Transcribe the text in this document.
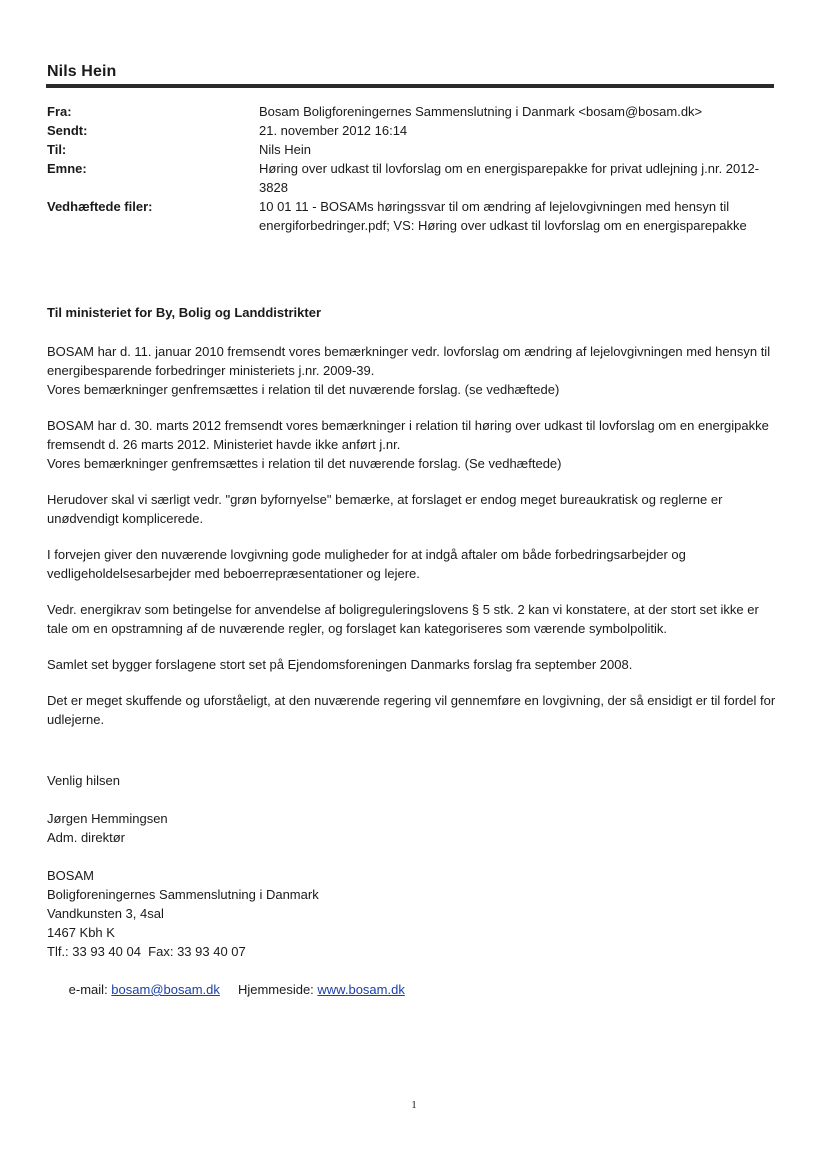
Nils Hein
Fra:	Bosam Boligforeningernes Sammenslutning i Danmark <bosam@bosam.dk>
Sendt:	21. november 2012 16:14
Til:	Nils Hein
Emne:	Høring over udkast til lovforslag om en energisparepakke for privat udlejning j.nr. 2012-3828
Vedhæftede filer:	10 01 11 - BOSAMs høringssvar til om ændring af lejelovgivningen med hensyn til energiforbedringer.pdf; VS: Høring over udkast til lovforslag om en energisparepakke

Til ministeriet for By, Bolig og Landdistrikter

BOSAM har d. 11. januar 2010 fremsendt vores bemærkninger vedr. lovforslag om ændring af lejelovgivningen med hensyn til energibesparende forbedringer ministeriets j.nr. 2009-39.
Vores bemærkninger genfremsættes i relation til det nuværende forslag. (se vedhæftede)

BOSAM har d. 30. marts 2012 fremsendt vores bemærkninger i relation til høring over udkast til lovforslag om en energipakke fremsendt d. 26 marts 2012. Ministeriet havde ikke anført j.nr.
Vores bemærkninger genfremsættes i relation til det nuværende forslag. (Se vedhæftede)

Herudover skal vi særligt vedr. "grøn byfornyelse" bemærke, at forslaget er endog meget bureaukratisk og reglerne er unødvendigt komplicerede.

I forvejen giver den nuværende lovgivning gode muligheder for at indgå aftaler om både forbedringsarbejder og vedligeholdelsesarbejder med beboerrepræsentationer og lejere.

Vedr. energikrav som betingelse for anvendelse af boligreguleringslovens § 5 stk. 2 kan vi konstatere, at der stort set ikke er tale om en opstramning af de nuværende regler, og forslaget kan kategoriseres som værende symbolpolitik.

Samlet set bygger forslagene stort set på Ejendomsforeningen Danmarks forslag fra september 2008.

Det er meget skuffende og uforståeligt, at den nuværende regering vil gennemføre en lovgivning, der så ensidigt er til fordel for udlejerne.

Venlig hilsen
Jørgen Hemmingsen
Adm. direktør
BOSAM
Boligforeningernes Sammenslutning i Danmark
Vandkunsten 3, 4sal
1467 Kbh K
Tlf.: 33 93 40 04  Fax: 33 93 40 07

e-mail: bosam@bosam.dk Hjemmeside: www.bosam.dk

1
